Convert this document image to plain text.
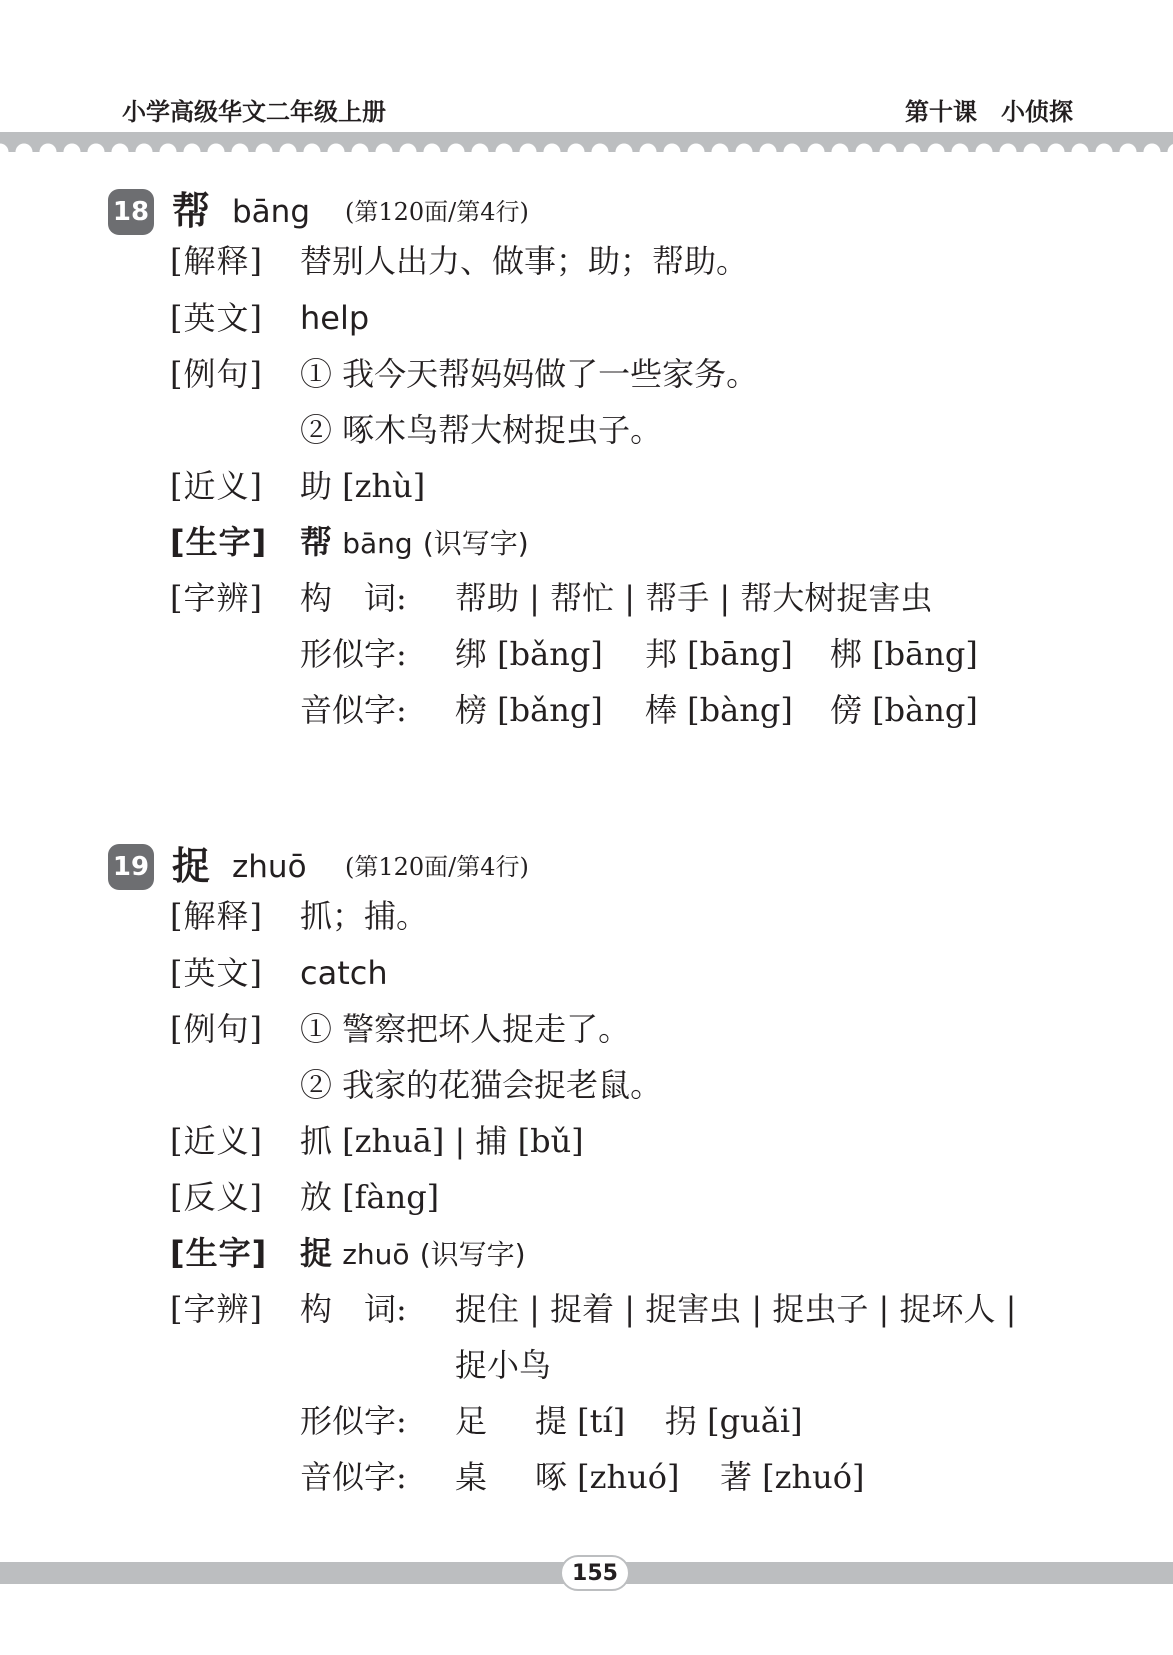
小学高级华文二年级上册	第十课　小侦探
18 帮 bāng (第120面/第4行)
[解释] 替别人出力、做事；助；帮助。
[英文] help
[例句] ① 我今天帮妈妈做了一些家务。
② 啄木鸟帮大树捉虫子。
[近义] 助 [zhù]
[生字] 帮 bāng (识写字)
[字辨] 构　词: 帮助 | 帮忙 | 帮手 | 帮大树捉害虫
形似字: 绑 [bǎng] 邦 [bāng] 梆 [bāng]
音似字: 榜 [bǎng] 棒 [bàng] 傍 [bàng]
19 捉 zhuō (第120面/第4行)
[解释] 抓；捕。
[英文] catch
[例句] ① 警察把坏人捉走了。
② 我家的花猫会捉老鼠。
[近义] 抓 [zhuā] | 捕 [bǔ]
[反义] 放 [fàng]
[生字] 捉 zhuō (识写字)
[字辨] 构　词: 捉住 | 捉着 | 捉害虫 | 捉虫子 | 捉坏人 |
捉小鸟
形似字: 足 提 [tí] 拐 [guǎi]
音似字: 桌 啄 [zhuó] 著 [zhuó]
155
